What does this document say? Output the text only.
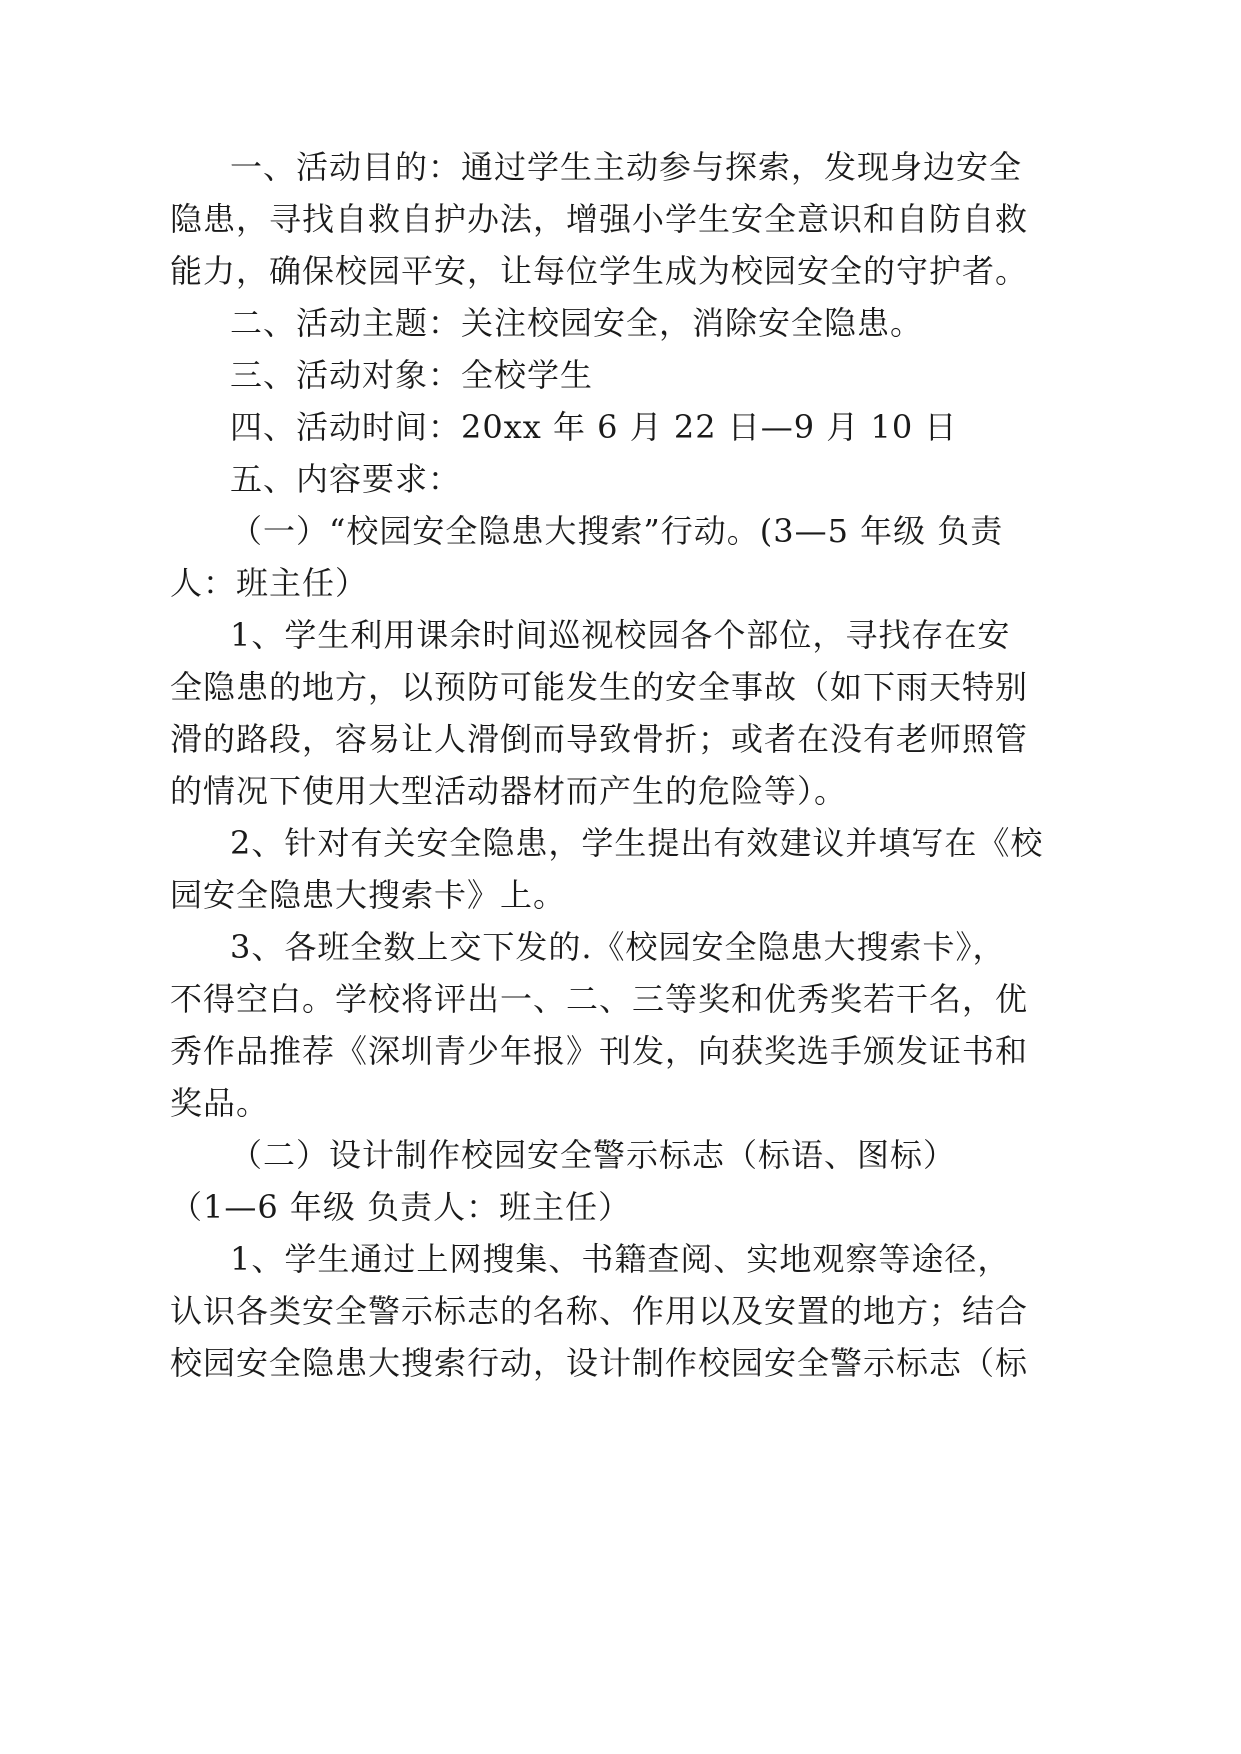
一、活动目的：通过学生主动参与探索，发现身边安全

隐患，寻找自救自护办法，增强小学生安全意识和自防自救

能力，确保校园平安，让每位学生成为校园安全的守护者。

二、活动主题：关注校园安全，消除安全隐患。

三、活动对象：全校学生

四、活动时间：20xx 年 6 月 22 日—9 月 10 日

五、内容要求：

（一）“校园安全隐患大搜索”行动。(3—5 年级 负责

人：班主任）

1、学生利用课余时间巡视校园各个部位，寻找存在安

全隐患的地方，以预防可能发生的安全事故（如下雨天特别

滑的路段，容易让人滑倒而导致骨折；或者在没有老师照管

的情况下使用大型活动器材而产生的危险等）。

2、针对有关安全隐患，学生提出有效建议并填写在《校

园安全隐患大搜索卡》上。

3、各班全数上交下发的.《校园安全隐患大搜索卡》，

不得空白。学校将评出一、二、三等奖和优秀奖若干名，优

秀作品推荐《深圳青少年报》刊发，向获奖选手颁发证书和

奖品。

（二）设计制作校园安全警示标志（标语、图标）

（1—6 年级 负责人：班主任）

1、学生通过上网搜集、书籍查阅、实地观察等途径，

认识各类安全警示标志的名称、作用以及安置的地方；结合

校园安全隐患大搜索行动，设计制作校园安全警示标志（标
